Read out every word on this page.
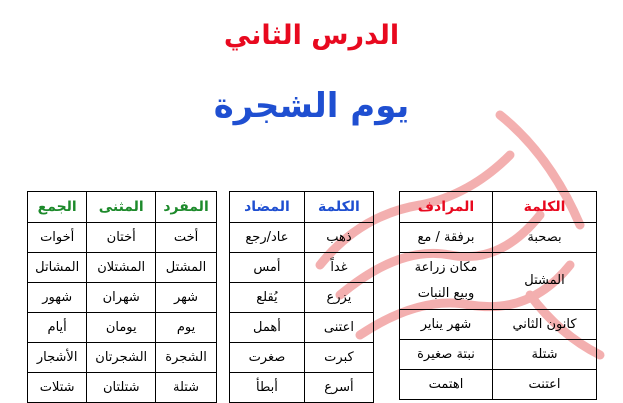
الدرس الثاني
يوم الشجرة
الكلمة	المرادف
بصحبة	برفقة / مع
المشتل	مكان زراعة
وبيع النبات
كانون الثاني	شهر يناير
شتلة	نبتة صغيرة
اعتنت	اهتمت
الكلمة	المضاد
ذهب	عاد/رجع
غداً	أمس
يزرع	يُقلع
اعتنى	أهمل
كبرت	صغرت
أسرع	أبطأ
المفرد	المثنى	الجمع
أخت	أختان	أخوات
المشتل	المشتلان	المشاتل
شهر	شهران	شهور
يوم	يومان	أيام
الشجرة	الشجرتان	الأشجار
شتلة	شتلتان	شتلات
